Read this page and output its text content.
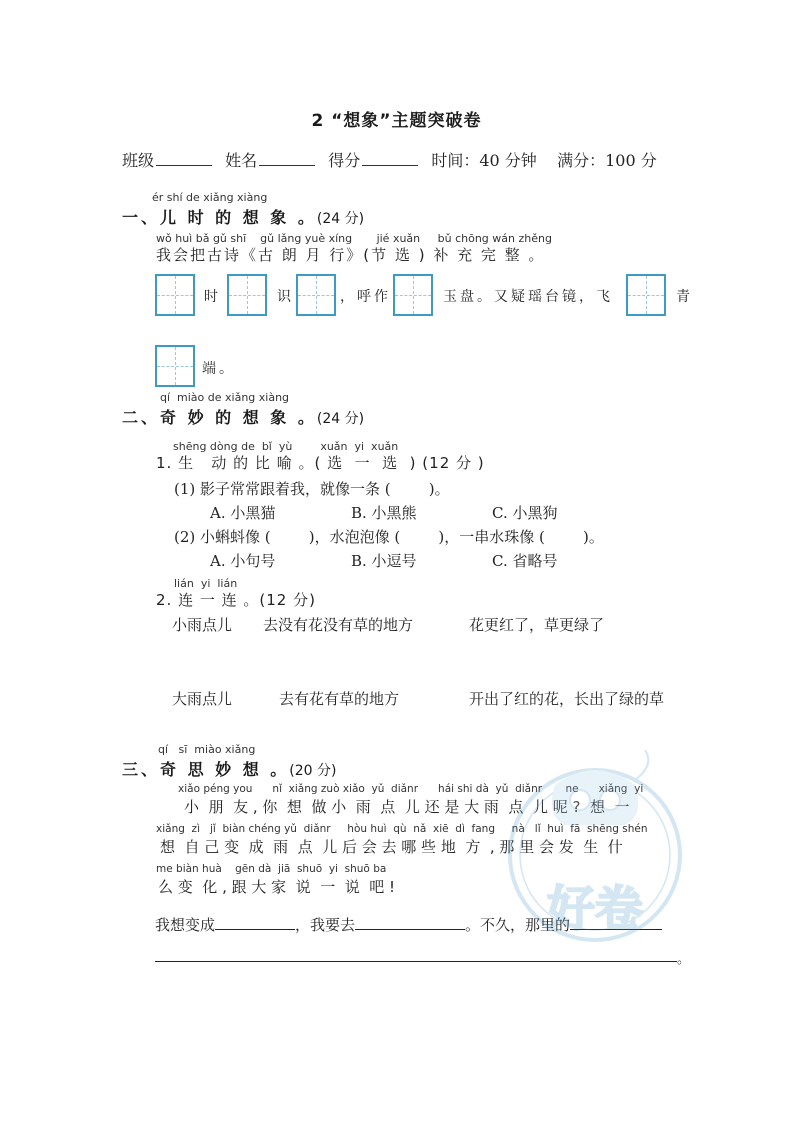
2 “想象”主题突破卷
班级	姓名	得分	时间：40 分钟 满分：100 分
ér shí de xiǎng xiàng
一、儿 时 的 想 象 。(24 分)
wǒ huì bǎ gǔ shī    gǔ lǎng yuè xíng       jié xuǎn     bǔ chōng wán zhěng
我会把古诗《古 朗 月 行》(节 选 ) 补 充 完 整 。
时	识	，呼作	玉盘。又疑瑶台镜，飞	青
端。
qí  miào de xiǎng xiàng
二、奇 妙 的 想 象 。(24 分)
shēng dòng de  bǐ  yù        xuǎn  yi  xuǎn
1. 生   动 的 比 喻 。( 选  一  选  ) (12 分 )
(1) 影子常常跟着我，就像一条 (        )。
A. 小黑猫	B. 小黑熊	C. 小黑狗
(2) 小蝌蚪像 (        )，水泡泡像 (        )，一串水珠像 (        )。
A. 小句号	B. 小逗号	C. 省略号
lián  yi  lián
2. 连 一 连 。(12 分)
小雨点儿 去没有花没有草的地方	花更红了，草更绿了
大雨点儿	去有花有草的地方	开出了红的花，长出了绿的草
qí   sī  miào xiǎng
三、奇 思 妙 想 。(20 分)
xiǎo péng you      nǐ  xiǎng zuò xiǎo  yǔ  diǎnr      hái shi dà  yǔ  diǎnr       ne      xiǎng  yi
小  朋  友 , 你  想  做 小  雨  点  儿 还 是 大 雨  点  儿 呢 ?  想  一
xiǎng  zì   jǐ  biàn chéng yǔ  diǎnr     hòu huì  qù  nǎ  xiē  dì  fang     nà   lǐ  huì  fā  shēng shén
想  自 己 变  成  雨  点  儿 后 会 去 哪 些 地  方  , 那 里 会 发  生  什
me biàn huà    gēn dà  jiā  shuō  yi  shuō ba
么 变  化 , 跟 大 家  说  一  说  吧 !
我想变成	，我要去	。不久，那里的
。
好卷
